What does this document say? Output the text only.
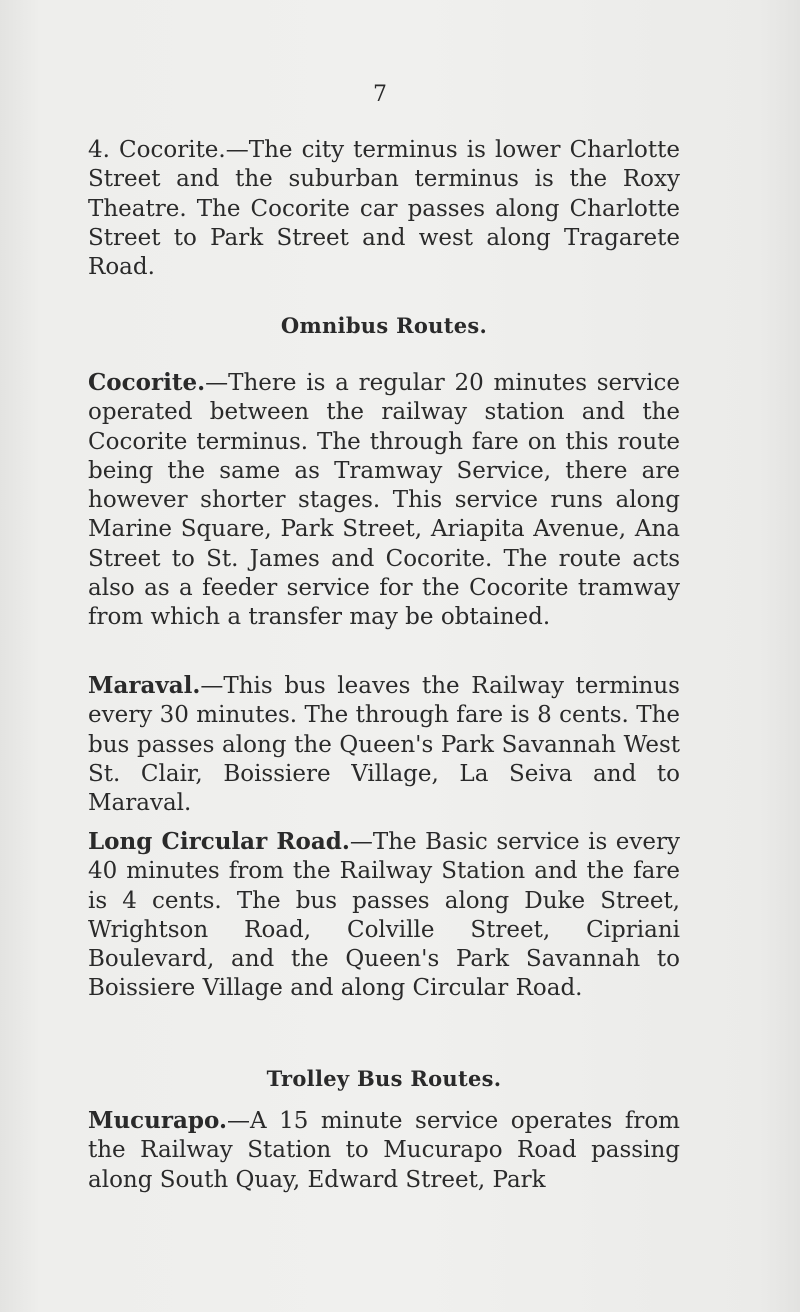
7

4. Cocorite.—The city terminus is lower Charlotte Street and the suburban terminus is the Roxy Theatre. The Cocorite car passes along Charlotte Street to Park Street and west along Tragarete Road.

Omnibus Routes.

Cocorite.—There is a regular 20 minutes service operated between the railway station and the Cocorite terminus. The through fare on this route being the same as Tramway Service, there are however shorter stages. This service runs along Marine Square, Park Street, Ariapita Avenue, Ana Street to St. James and Cocorite. The route acts also as a feeder service for the Cocorite tramway from which a transfer may be obtained.

Maraval.—This bus leaves the Railway terminus every 30 minutes. The through fare is 8 cents. The bus passes along the Queen's Park Savannah West St. Clair, Boissiere Village, La Seiva and to Maraval.

Long Circular Road.—The Basic service is every 40 minutes from the Railway Station and the fare is 4 cents. The bus passes along Duke Street, Wrightson Road, Colville Street, Cipriani Boulevard, and the Queen's Park Savannah to Boissiere Village and along Circular Road.

Trolley Bus Routes.

Mucurapo.—A 15 minute service operates from the Railway Station to Mucurapo Road passing along South Quay, Edward Street, Park
